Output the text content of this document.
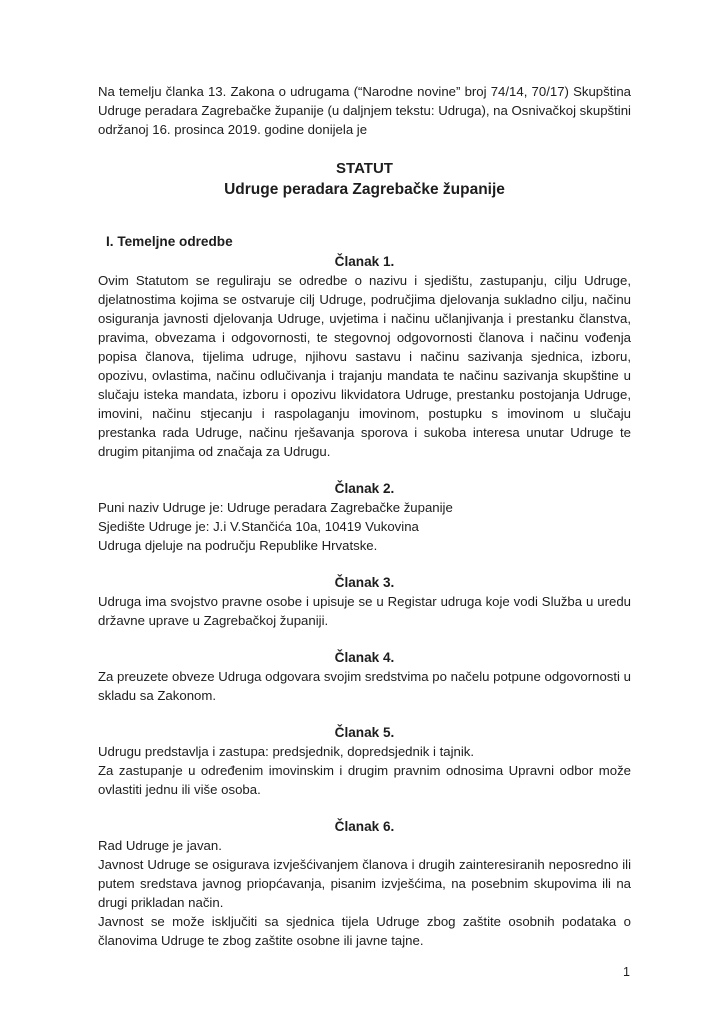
Na temelju članka 13. Zakona o udrugama (“Narodne novine” broj 74/14, 70/17) Skupština Udruge peradara Zagrebačke županije (u daljnjem tekstu: Udruga), na Osnivačkoj skupštini održanoj 16. prosinca 2019. godine donijela je

STATUT
Udruge peradara Zagrebačke županije
I. Temeljne odredbe
Članak 1.

Ovim Statutom se reguliraju se odredbe o nazivu i sjedištu, zastupanju, cilju Udruge, djelatnostima kojima se ostvaruje cilj Udruge, područjima djelovanja sukladno cilju, načinu osiguranja javnosti djelovanja Udruge, uvjetima i načinu učlanjivanja i prestanku članstva, pravima, obvezama i odgovornosti, te stegovnoj odgovornosti članova i načinu vođenja popisa članova, tijelima udruge, njihovu sastavu i načinu sazivanja sjednica, izboru, opozivu, ovlastima, načinu odlučivanja i trajanju mandata te načinu sazivanja skupštine u slučaju isteka mandata, izboru i opozivu likvidatora Udruge, prestanku postojanja Udruge, imovini, načinu stjecanju i raspolaganju imovinom, postupku s imovinom u slučaju prestanka rada Udruge, načinu rješavanja sporova i sukoba interesa unutar Udruge te drugim pitanjima od značaja za Udrugu.

Članak 2.

Puni naziv Udruge je: Udruge peradara Zagrebačke županije

Sjedište Udruge je: J.i V.Stančića 10a, 10419 Vukovina

Udruga djeluje na području Republike Hrvatske.

Članak 3.

Udruga ima svojstvo pravne osobe i upisuje se u Registar udruga koje vodi Služba u uredu državne uprave u Zagrebačkoj županiji.

Članak 4.

Za preuzete obveze Udruga odgovara svojim sredstvima po načelu potpune odgovornosti u skladu sa Zakonom.

Članak 5.

Udrugu predstavlja i zastupa: predsjednik, dopredsjednik i tajnik.

Za zastupanje u određenim imovinskim i drugim pravnim odnosima Upravni odbor može ovlastiti jednu ili više osoba.

Članak 6.

Rad Udruge je javan.

Javnost Udruge se osigurava izvješćivanjem članova i drugih zainteresiranih neposredno ili putem sredstava javnog priopćavanja, pisanim izvješćima, na posebnim skupovima ili na drugi prikladan način.

Javnost se može isključiti sa sjednica tijela Udruge zbog zaštite osobnih podataka o članovima Udruge te zbog zaštite osobne ili javne tajne.

1
